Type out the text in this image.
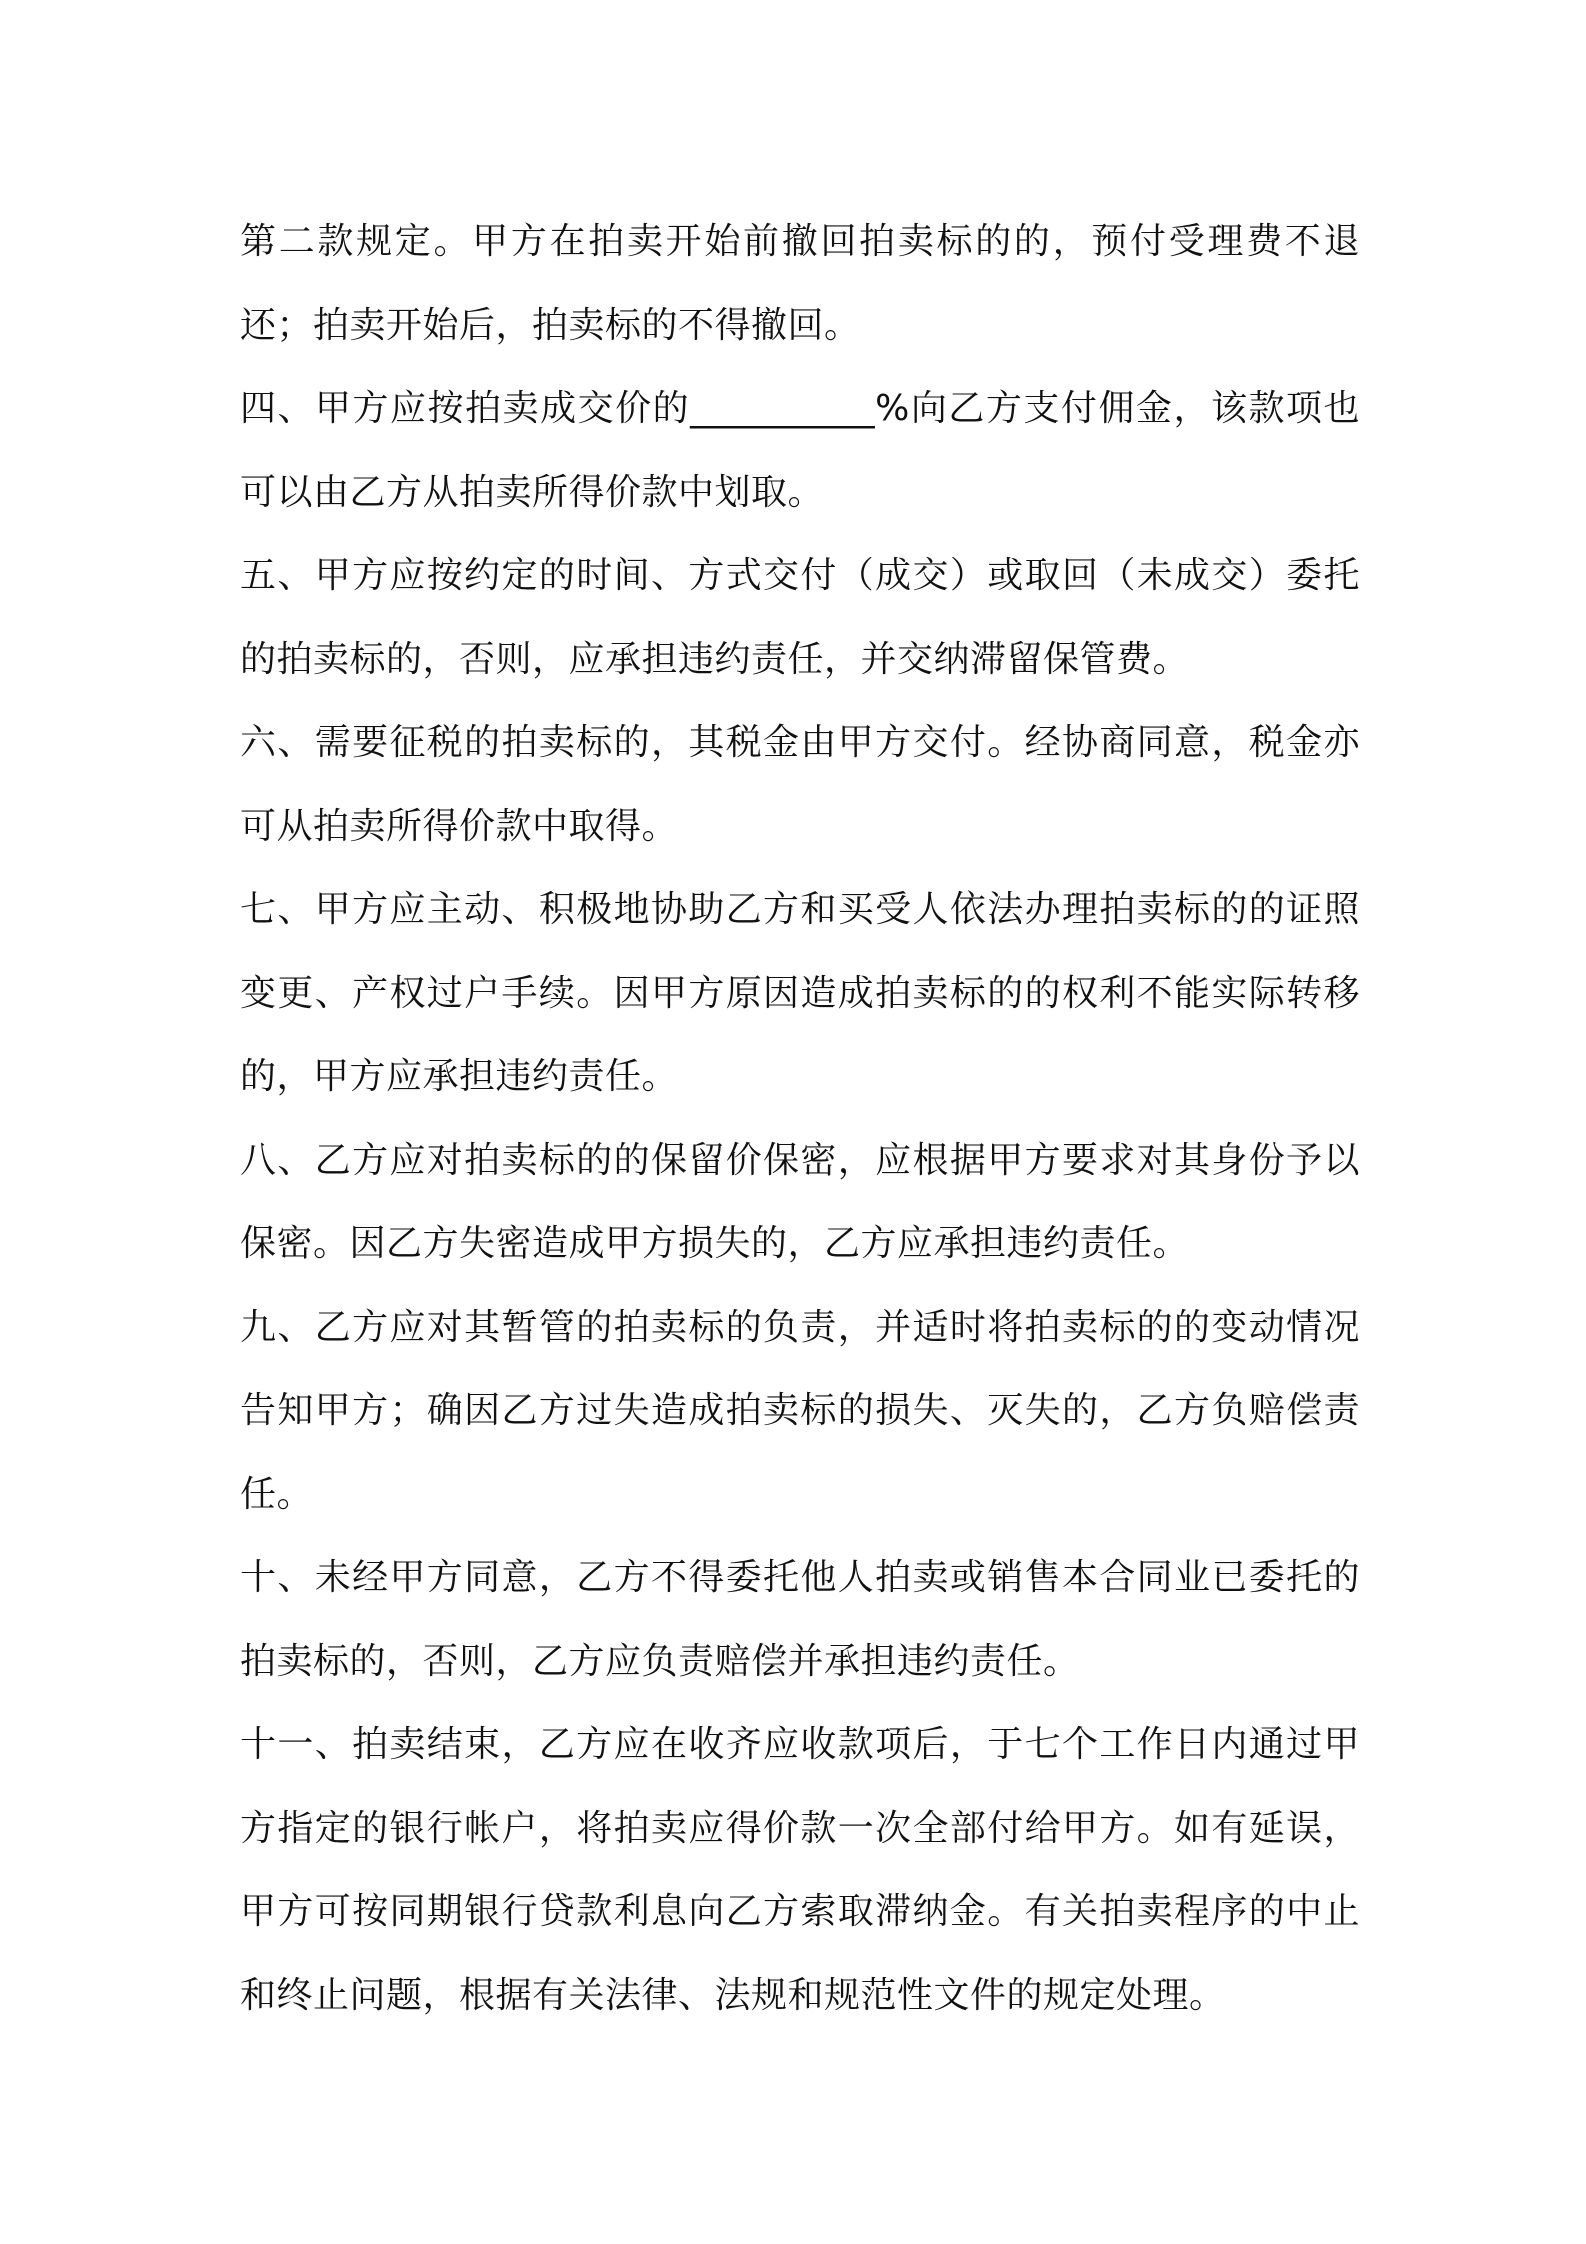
第二款规定。甲方在拍卖开始前撤回拍卖标的的，预付受理费不退还；拍卖开始后，拍卖标的不得撤回。

四、甲方应按拍卖成交价的__________%向乙方支付佣金，该款项也可以由乙方从拍卖所得价款中划取。

五、甲方应按约定的时间、方式交付（成交）或取回（未成交）委托的拍卖标的，否则，应承担违约责任，并交纳滞留保管费。

六、需要征税的拍卖标的，其税金由甲方交付。经协商同意，税金亦可从拍卖所得价款中取得。

七、甲方应主动、积极地协助乙方和买受人依法办理拍卖标的的证照变更、产权过户手续。因甲方原因造成拍卖标的的权利不能实际转移的，甲方应承担违约责任。

八、乙方应对拍卖标的的保留价保密，应根据甲方要求对其身份予以保密。因乙方失密造成甲方损失的，乙方应承担违约责任。

九、乙方应对其暂管的拍卖标的负责，并适时将拍卖标的的变动情况告知甲方；确因乙方过失造成拍卖标的损失、灭失的，乙方负赔偿责任。

十、未经甲方同意，乙方不得委托他人拍卖或销售本合同业已委托的拍卖标的，否则，乙方应负责赔偿并承担违约责任。

十一、拍卖结束，乙方应在收齐应收款项后，于七个工作日内通过甲方指定的银行帐户，将拍卖应得价款一次全部付给甲方。如有延误，甲方可按同期银行贷款利息向乙方索取滞纳金。有关拍卖程序的中止和终止问题，根据有关法律、法规和规范性文件的规定处理。
